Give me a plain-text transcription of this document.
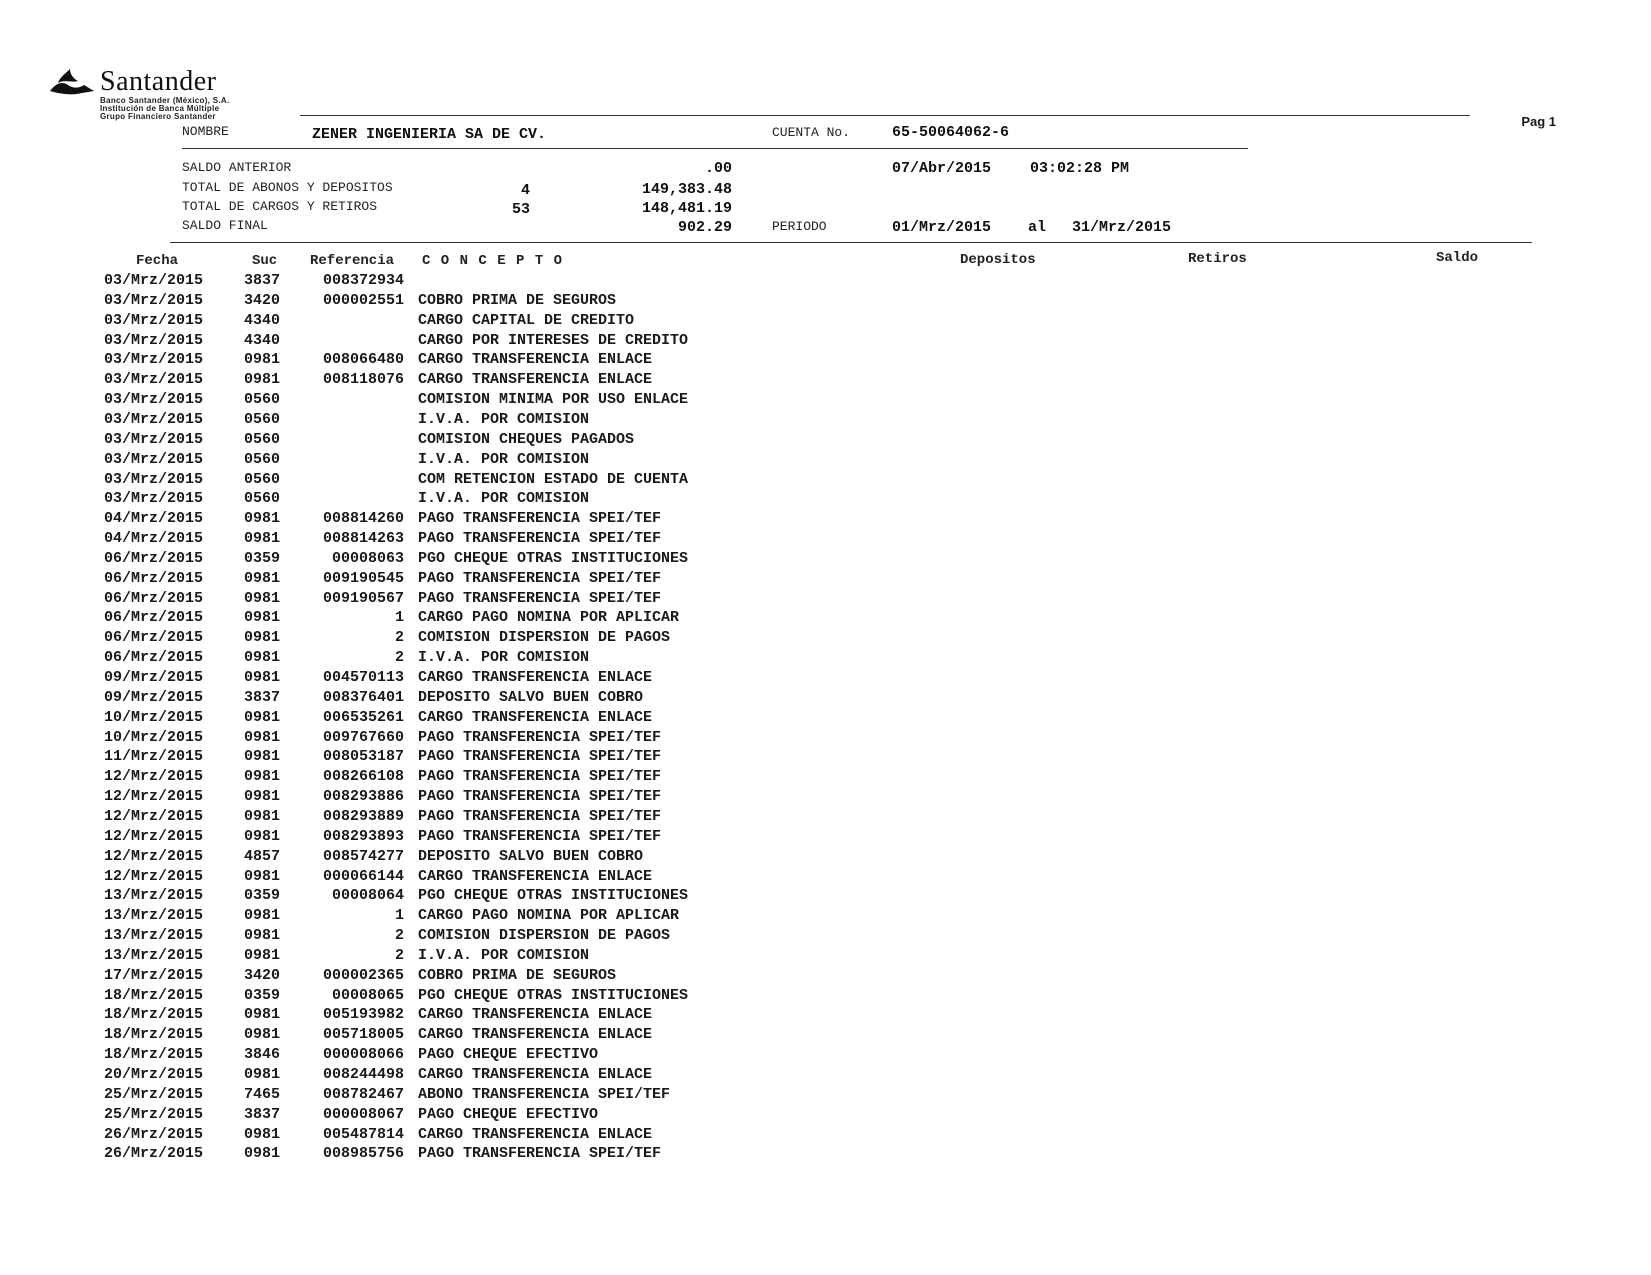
Santander
Banco Santander (México), S.A.
Institución de Banca Múltiple
Grupo Financiero Santander	Pag 1
NOMBRE	ZENER INGENIERIA SA DE CV.	CUENTA No.	65-50064062-6
SALDO ANTERIOR	.00	07/Abr/2015	03:02:28 PM
TOTAL DE ABONOS Y DEPOSITOS	4	149,383.48
TOTAL DE CARGOS Y RETIROS	53	148,481.19
SALDO FINAL	902.29	PERIODO	01/Mrz/2015 al 31/Mrz/2015
Fecha	Suc Referencia C O N C E P T O	Depositos	Retiros	Saldo
03/Mrz/2015	3837	008372934
03/Mrz/2015	3420	000002551 COBRO PRIMA DE SEGUROS
03/Mrz/2015	4340	CARGO CAPITAL DE CREDITO
03/Mrz/2015	4340	CARGO POR INTERESES DE CREDITO
03/Mrz/2015	0981	008066480 CARGO TRANSFERENCIA ENLACE
03/Mrz/2015	0981	008118076 CARGO TRANSFERENCIA ENLACE
03/Mrz/2015	0560	COMISION MINIMA POR USO ENLACE
03/Mrz/2015	0560	I.V.A. POR COMISION
03/Mrz/2015	0560	COMISION CHEQUES PAGADOS
03/Mrz/2015	0560	I.V.A. POR COMISION
03/Mrz/2015	0560	COM RETENCION ESTADO DE CUENTA
03/Mrz/2015	0560	I.V.A. POR COMISION
04/Mrz/2015	0981	008814260 PAGO TRANSFERENCIA SPEI/TEF
04/Mrz/2015	0981	008814263 PAGO TRANSFERENCIA SPEI/TEF
06/Mrz/2015	0359	00008063 PGO CHEQUE OTRAS INSTITUCIONES
06/Mrz/2015	0981	009190545 PAGO TRANSFERENCIA SPEI/TEF
06/Mrz/2015	0981	009190567 PAGO TRANSFERENCIA SPEI/TEF
06/Mrz/2015	0981	1 CARGO PAGO NOMINA POR APLICAR
06/Mrz/2015	0981	2 COMISION DISPERSION DE PAGOS
06/Mrz/2015	0981	2 I.V.A. POR COMISION
09/Mrz/2015	0981	004570113 CARGO TRANSFERENCIA ENLACE
09/Mrz/2015	3837	008376401 DEPOSITO SALVO BUEN COBRO
10/Mrz/2015	0981	006535261 CARGO TRANSFERENCIA ENLACE
10/Mrz/2015	0981	009767660 PAGO TRANSFERENCIA SPEI/TEF
11/Mrz/2015	0981	008053187 PAGO TRANSFERENCIA SPEI/TEF
12/Mrz/2015	0981	008266108 PAGO TRANSFERENCIA SPEI/TEF
12/Mrz/2015	0981	008293886 PAGO TRANSFERENCIA SPEI/TEF
12/Mrz/2015	0981	008293889 PAGO TRANSFERENCIA SPEI/TEF
12/Mrz/2015	0981	008293893 PAGO TRANSFERENCIA SPEI/TEF
12/Mrz/2015	4857	008574277 DEPOSITO SALVO BUEN COBRO
12/Mrz/2015	0981	000066144 CARGO TRANSFERENCIA ENLACE
13/Mrz/2015	0359	00008064 PGO CHEQUE OTRAS INSTITUCIONES
13/Mrz/2015	0981	1 CARGO PAGO NOMINA POR APLICAR
13/Mrz/2015	0981	2 COMISION DISPERSION DE PAGOS
13/Mrz/2015	0981	2 I.V.A. POR COMISION
17/Mrz/2015	3420	000002365 COBRO PRIMA DE SEGUROS
18/Mrz/2015	0359	00008065 PGO CHEQUE OTRAS INSTITUCIONES
18/Mrz/2015	0981	005193982 CARGO TRANSFERENCIA ENLACE
18/Mrz/2015	0981	005718005 CARGO TRANSFERENCIA ENLACE
18/Mrz/2015	3846	000008066 PAGO CHEQUE EFECTIVO
20/Mrz/2015	0981	008244498 CARGO TRANSFERENCIA ENLACE
25/Mrz/2015	7465	008782467 ABONO TRANSFERENCIA SPEI/TEF
25/Mrz/2015	3837	000008067 PAGO CHEQUE EFECTIVO
26/Mrz/2015	0981	005487814 CARGO TRANSFERENCIA ENLACE
26/Mrz/2015	0981	008985756 PAGO TRANSFERENCIA SPEI/TEF
